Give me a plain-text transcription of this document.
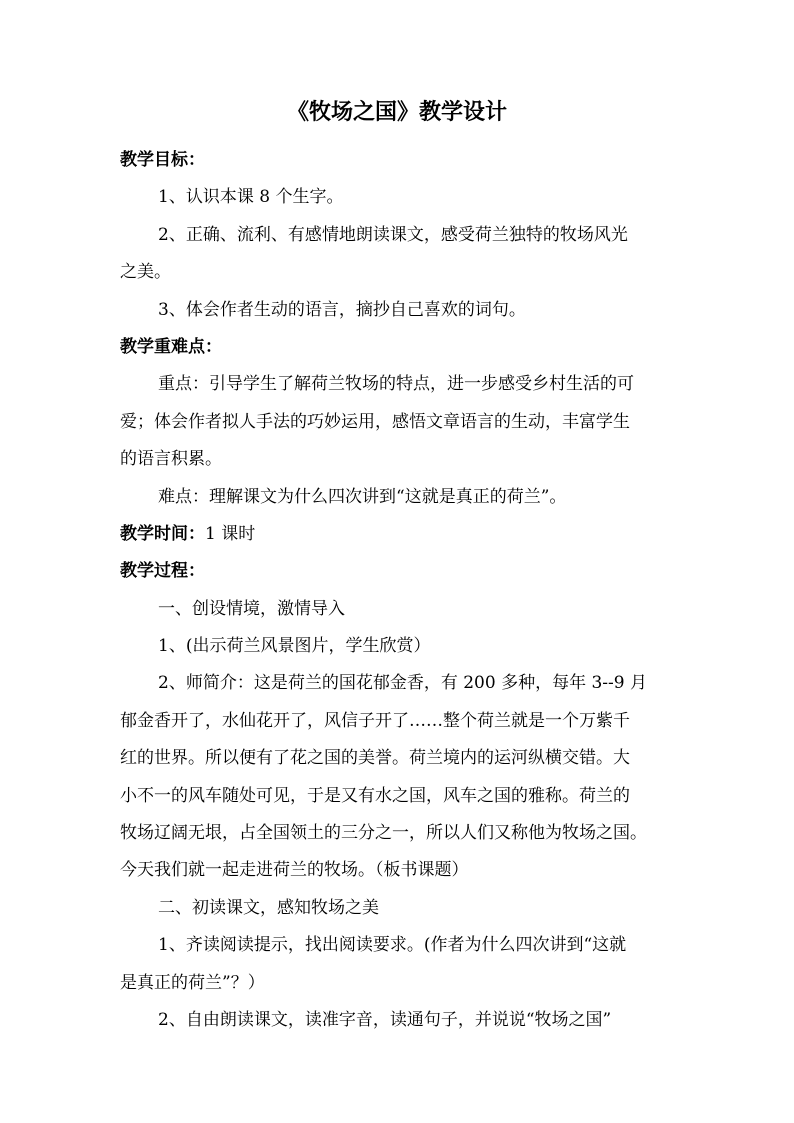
《牧场之国》教学设计
教学目标：
1、认识本课 8 个生字。
2、正确、流利、有感情地朗读课文，感受荷兰独特的牧场风光
之美。
3、体会作者生动的语言，摘抄自己喜欢的词句。
教学重难点：
重点：引导学生了解荷兰牧场的特点，进一步感受乡村生活的可
爱；体会作者拟人手法的巧妙运用，感悟文章语言的生动，丰富学生
的语言积累。
难点：理解课文为什么四次讲到“这就是真正的荷兰”。
教学时间：1 课时
教学过程：
一、创设情境，激情导入
1、(出示荷兰风景图片，学生欣赏）
2、师简介：这是荷兰的国花郁金香，有 200 多种，每年 3--9 月
郁金香开了，水仙花开了，风信子开了……整个荷兰就是一个万紫千
红的世界。所以便有了花之国的美誉。荷兰境内的运河纵横交错。大
小不一的风车随处可见，于是又有水之国，风车之国的雅称。荷兰的
牧场辽阔无垠，占全国领土的三分之一，所以人们又称他为牧场之国。
今天我们就一起走进荷兰的牧场。（板书课题）
二、初读课文，感知牧场之美
1、齐读阅读提示，找出阅读要求。(作者为什么四次讲到“这就
是真正的荷兰”？）
2、自由朗读课文，读准字音，读通句子，并说说“牧场之国”
